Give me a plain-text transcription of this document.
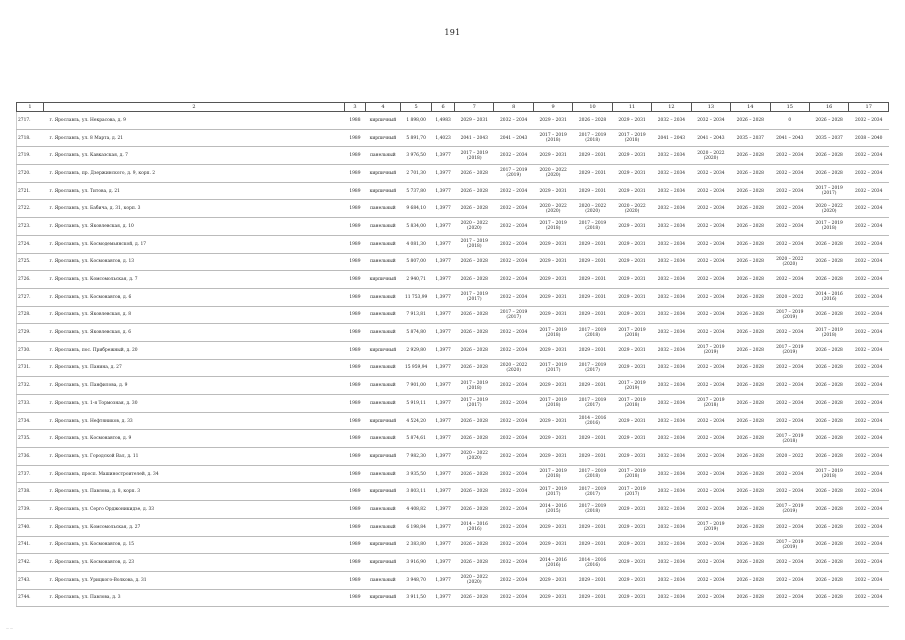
191
1	2	3	4	5	6	7	8	9	10	11	12	13	14	15	16	17
2717.	г. Ярославль, ул. Некрасова, д. 9	1988	кирпичный	1 898,00	1,4983	2029 – 2031	2032 – 2034	2029 – 2031	2026 – 2028	2029 – 2031	2032 – 2034	2032 – 2034	2026 – 2028	0	2026 – 2028	2032 – 2034
2718.	г. Ярославль, ул. 8 Марта, д. 21	1989	кирпичный	5 891,70	1,4023	2041 – 2043	2041 – 2043	2017 – 2019 (2018)	2017 – 2019 (2018)	2017 – 2019 (2018)	2041 – 2043	2041 – 2043	2035 – 2037	2041 – 2043	2035 – 2037	2038 – 2040
2719.	г. Ярославль, ул. Кавказская, д. 7	1989	панельный	3 976,50	1,3977	2017 – 2019 (2018)	2032 – 2034	2029 – 2031	2029 – 2031	2029 – 2031	2032 – 2034	2020 – 2022 (2020)	2026 – 2028	2032 – 2034	2026 – 2028	2032 – 2034
2720.	г. Ярославль, пр. Дзержинского, д. 9, корп. 2	1989	кирпичный	2 701,30	1,3977	2026 – 2028	2017 – 2019 (2019)	2020 – 2022 (2020)	2029 – 2031	2029 – 2031	2032 – 2034	2032 – 2034	2026 – 2028	2032 – 2034	2026 – 2028	2032 – 2034
2721.	г. Ярославль, ул. Титова, д. 21	1989	кирпичный	5 737,80	1,3977	2026 – 2028	2032 – 2034	2029 – 2031	2029 – 2031	2029 – 2031	2032 – 2034	2032 – 2034	2026 – 2028	2032 – 2034	2017 – 2019 (2017)	2032 – 2034
2722.	г. Ярославль, ул. Бабича, д. 31, корп. 3	1989	панельный	9 684,10	1,3977	2026 – 2028	2032 – 2034	2020 – 2022 (2020)	2020 – 2022 (2020)	2020 – 2022 (2020)	2032 – 2034	2032 – 2034	2026 – 2028	2032 – 2034	2020 – 2022 (2020)	2032 – 2034
2723.	г. Ярославль, ул. Яковлевская, д. 10	1989	панельный	5 834,00	1,3977	2020 – 2022 (2020)	2032 – 2034	2017 – 2019 (2018)	2017 – 2019 (2018)	2029 – 2031	2032 – 2034	2032 – 2034	2026 – 2028	2032 – 2034	2017 – 2019 (2018)	2032 – 2034
2724.	г. Ярославль, ул. Космодемьянской, д. 17	1989	панельный	4 081,30	1,3977	2017 – 2019 (2018)	2032 – 2034	2029 – 2031	2029 – 2031	2029 – 2031	2032 – 2034	2032 – 2034	2026 – 2028	2032 – 2034	2026 – 2028	2032 – 2034
2725.	г. Ярославль, ул. Космонавтов, д. 13	1989	панельный	5 807,00	1,3977	2026 – 2028	2032 – 2034	2029 – 2031	2029 – 2031	2029 – 2031	2032 – 2034	2032 – 2034	2026 – 2028	2020 – 2022 (2020)	2026 – 2028	2032 – 2034
2726.	г. Ярославль, ул. Комсомольская, д. 7	1989	кирпичный	2 940,71	1,3977	2026 – 2028	2032 – 2034	2029 – 2031	2029 – 2031	2029 – 2031	2032 – 2034	2032 – 2034	2026 – 2028	2032 – 2034	2026 – 2028	2032 – 2034
2727.	г. Ярославль, ул. Космонавтов, д. 6	1989	панельный	11 753,99	1,3977	2017 – 2019 (2017)	2032 – 2034	2029 – 2031	2029 – 2031	2029 – 2031	2032 – 2034	2032 – 2034	2026 – 2028	2020 – 2022	2014 – 2016 (2016)	2032 – 2034
2728.	г. Ярославль, ул. Яковлевская, д. 8	1989	панельный	7 913,81	1,3977	2026 – 2028	2017 – 2019 (2017)	2029 – 2031	2029 – 2031	2029 – 2031	2032 – 2034	2032 – 2034	2026 – 2028	2017 – 2019 (2019)	2026 – 2028	2032 – 2034
2729.	г. Ярославль, ул. Яковлевская, д. 6	1989	панельный	5 874,80	1,3977	2026 – 2028	2032 – 2034	2017 – 2019 (2018)	2017 – 2019 (2018)	2017 – 2019 (2018)	2032 – 2034	2032 – 2034	2026 – 2028	2032 – 2034	2017 – 2019 (2018)	2032 – 2034
2730.	г. Ярославль, пос. Прибрежный, д. 20	1989	кирпичный	2 929,80	1,3977	2026 – 2028	2032 – 2034	2029 – 2031	2029 – 2031	2029 – 2031	2032 – 2034	2017 – 2019 (2019)	2026 – 2028	2017 – 2019 (2019)	2026 – 2028	2032 – 2034
2731.	г. Ярославль, ул. Панина, д. 27	1989	панельный	15 959,94	1,3977	2026 – 2028	2020 – 2022 (2020)	2017 – 2019 (2017)	2017 – 2019 (2017)	2029 – 2031	2032 – 2034	2032 – 2034	2026 – 2028	2032 – 2034	2026 – 2028	2032 – 2034
2732.	г. Ярославль, ул. Панфилова, д. 9	1989	панельный	7 901,00	1,3977	2017 – 2019 (2018)	2032 – 2034	2029 – 2031	2029 – 2031	2017 – 2019 (2019)	2032 – 2034	2032 – 2034	2026 – 2028	2032 – 2034	2026 – 2028	2032 – 2034
2733.	г. Ярославль, ул. 1-я Тормозная, д. 30	1989	панельный	5 919,11	1,3977	2017 – 2019 (2017)	2032 – 2034	2017 – 2019 (2018)	2017 – 2019 (2017)	2017 – 2019 (2018)	2032 – 2034	2017 – 2019 (2018)	2026 – 2028	2032 – 2034	2026 – 2028	2032 – 2034
2734.	г. Ярославль, ул. Нефтяников, д. 33	1989	кирпичный	4 524,20	1,3977	2026 – 2028	2032 – 2034	2029 – 2031	2014 – 2016 (2016)	2029 – 2031	2032 – 2034	2032 – 2034	2026 – 2028	2032 – 2034	2026 – 2028	2032 – 2034
2735.	г. Ярославль, ул. Космонавтов, д. 9	1989	панельный	5 874,61	1,3977	2026 – 2028	2032 – 2034	2029 – 2031	2029 – 2031	2029 – 2031	2032 – 2034	2032 – 2034	2026 – 2028	2017 – 2019 (2018)	2026 – 2028	2032 – 2034
2736.	г. Ярославль, ул. Городской Вал, д. 11	1989	кирпичный	7 982,30	1,3977	2020 – 2022 (2020)	2032 – 2034	2029 – 2031	2029 – 2031	2029 – 2031	2032 – 2034	2032 – 2034	2026 – 2028	2020 – 2022	2026 – 2028	2032 – 2034
2737.	г. Ярославль, просп. Машиностроителей, д. 34	1989	панельный	3 935,50	1,3977	2026 – 2028	2032 – 2034	2017 – 2019 (2018)	2017 – 2019 (2018)	2017 – 2019 (2018)	2032 – 2034	2032 – 2034	2026 – 2028	2032 – 2034	2017 – 2019 (2018)	2032 – 2034
2738.	г. Ярославль, ул. Павлова, д. 8, корп. 3	1989	кирпичный	3 803,11	1,3977	2026 – 2028	2032 – 2034	2017 – 2019 (2017)	2017 – 2019 (2017)	2017 – 2019 (2017)	2032 – 2034	2032 – 2034	2026 – 2028	2032 – 2034	2026 – 2028	2032 – 2034
2739.	г. Ярославль, ул. Серго Орджоникидзе, д. 33	1989	панельный	4 408,82	1,3977	2026 – 2028	2032 – 2034	2014 – 2016 (2015)	2017 – 2019 (2018)	2029 – 2031	2032 – 2034	2032 – 2034	2026 – 2028	2017 – 2019 (2019)	2026 – 2028	2032 – 2034
2740.	г. Ярославль, ул. Комсомольская, д. 27	1989	панельный	6 198,84	1,3977	2014 – 2016 (2016)	2032 – 2034	2029 – 2031	2029 – 2031	2029 – 2031	2032 – 2034	2017 – 2019 (2019)	2026 – 2028	2032 – 2034	2026 – 2028	2032 – 2034
2741.	г. Ярославль, ул. Космонавтов, д. 15	1989	кирпичный	2 383,80	1,3977	2026 – 2028	2032 – 2034	2029 – 2031	2029 – 2031	2029 – 2031	2032 – 2034	2032 – 2034	2026 – 2028	2017 – 2019 (2019)	2026 – 2028	2032 – 2034
2742.	г. Ярославль, ул. Космонавтов, д. 23	1989	кирпичный	3 916,90	1,3977	2026 – 2028	2032 – 2034	2014 – 2016 (2016)	2014 – 2016 (2016)	2029 – 2031	2032 – 2034	2032 – 2034	2026 – 2028	2032 – 2034	2026 – 2028	2032 – 2034
2743.	г. Ярославль, ул. Урицкого-Волкова, д. 31	1989	панельный	3 948,70	1,3977	2020 – 2022 (2020)	2032 – 2034	2029 – 2031	2029 – 2031	2029 – 2031	2032 – 2034	2032 – 2034	2026 – 2028	2032 – 2034	2026 – 2028	2032 – 2034
2744.	г. Ярославль, ул. Павлова, д. 3	1989	кирпичный	3 911,50	1,3977	2026 – 2028	2032 – 2034	2029 – 2031	2029 – 2031	2029 – 2031	2032 – 2034	2032 – 2034	2026 – 2028	2032 – 2034	2026 – 2028	2032 – 2034
— —
